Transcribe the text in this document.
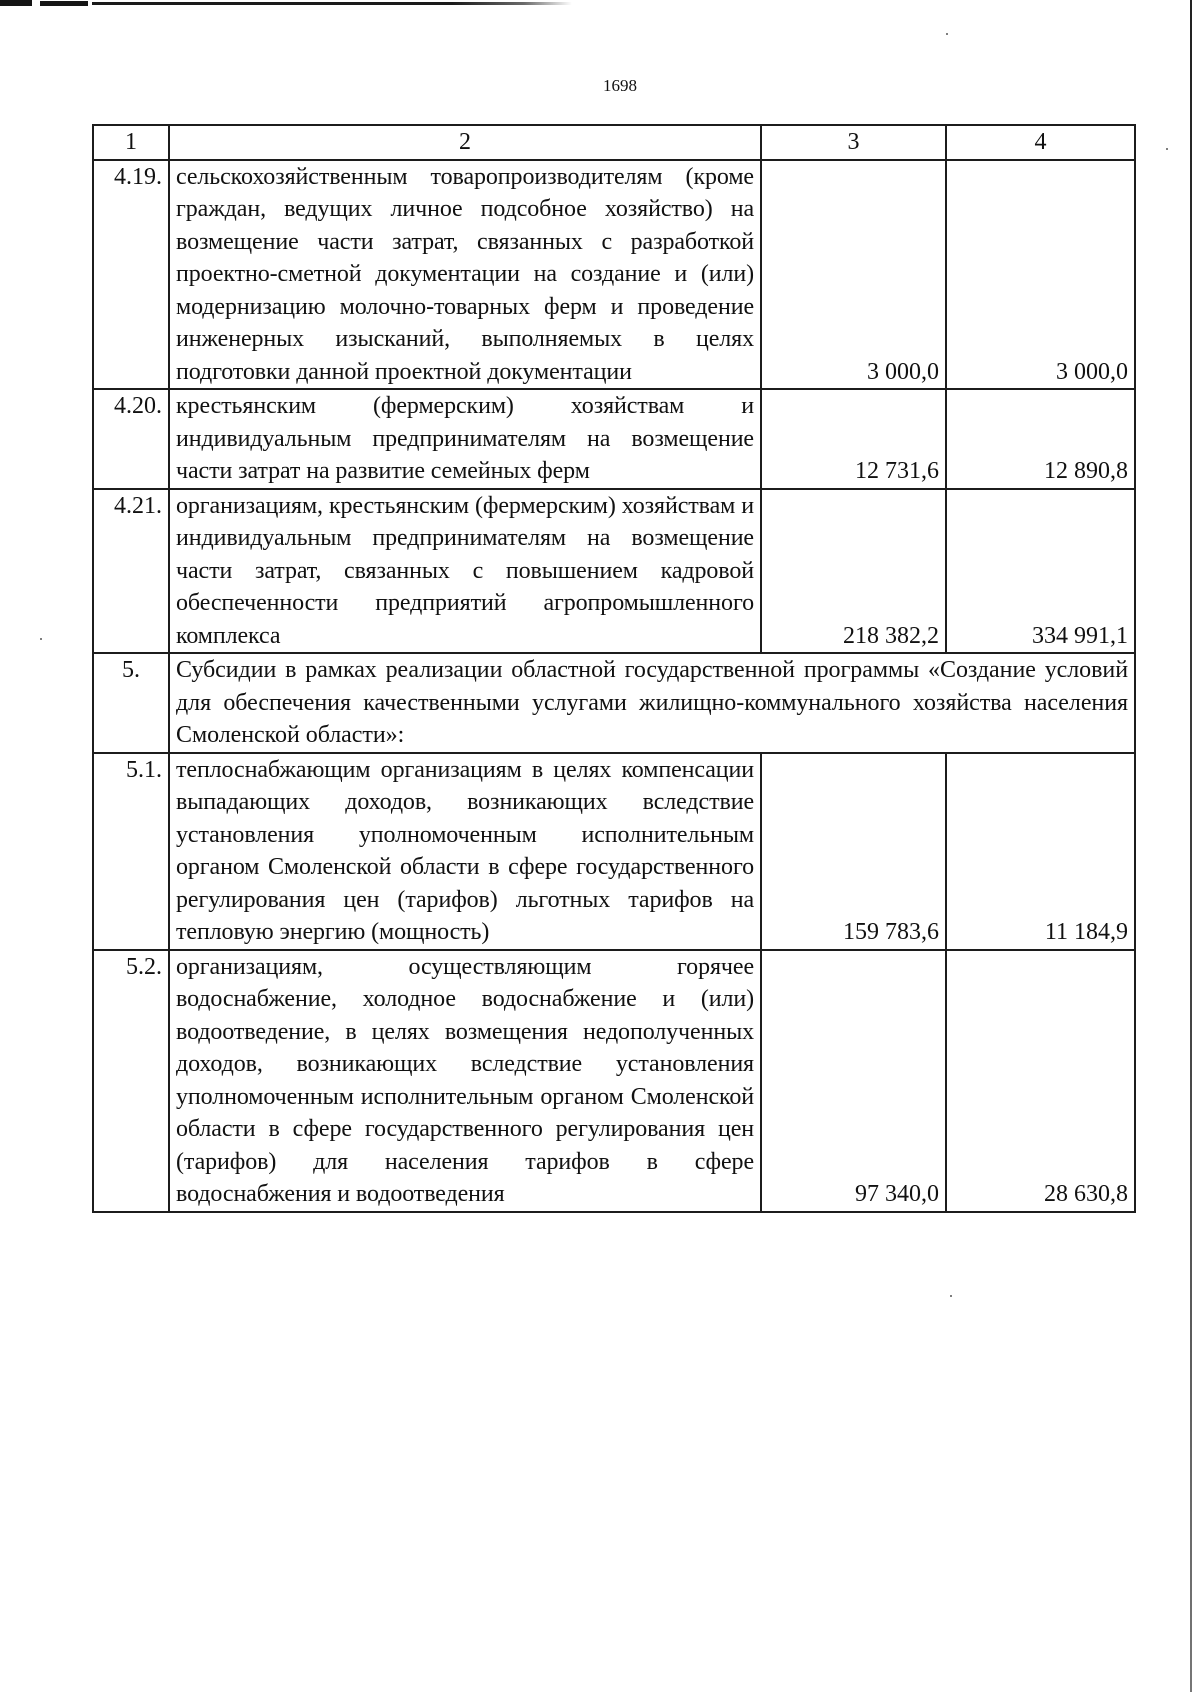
1698
1	2	3	4
4.19.	сельскохозяйственным товаропроизводителям (кроме граждан, ведущих личное подсобное хозяйство) на возмещение части затрат, связанных с разработкой проектно-сметной документации на создание и (или) модернизацию молочно-товарных ферм и проведение инженерных изысканий, выполняемых в целях подготовки данной проектной документации	3 000,0	3 000,0
4.20.	крестьянским (фермерским) хозяйствам и индивидуальным предпринимателям на возмещение части затрат на развитие семейных ферм	12 731,6	12 890,8
4.21.	организациям, крестьянским (фермерским) хозяйствам и индивидуальным предпринимателям на возмещение части затрат, связанных с повышением кадровой обеспеченности предприятий агропромышленного комплекса	218 382,2	334 991,1
5.	Субсидии в рамках реализации областной государственной программы «Создание условий для обеспечения качественными услугами жилищно-коммунального хозяйства населения Смоленской области»:		
5.1.	теплоснабжающим организациям в целях компенсации выпадающих доходов, возникающих вследствие установления уполномоченным исполнительным органом Смоленской области в сфере государственного регулирования цен (тарифов) льготных тарифов на тепловую энергию (мощность)	159 783,6	11 184,9
5.2.	организациям, осуществляющим горячее водоснабжение, холодное водоснабжение и (или) водоотведение, в целях возмещения недополученных доходов, возникающих вследствие установления уполномоченным исполнительным органом Смоленской области в сфере государственного регулирования цен (тарифов) для населения тарифов в сфере водоснабжения и водоотведения	97 340,0	28 630,8
